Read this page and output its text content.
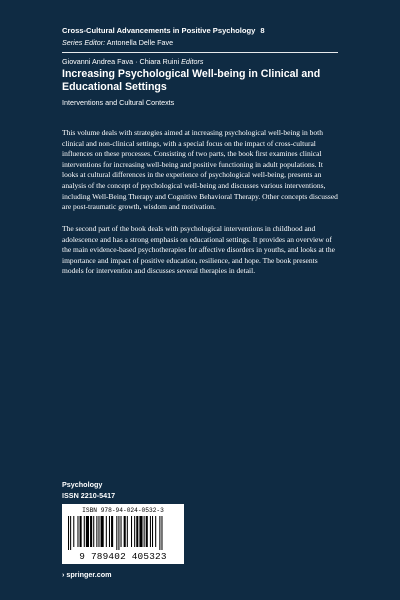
Cross-Cultural Advancements in Positive Psychology 8
Series Editor: Antonella Delle Fave
Giovanni Andrea Fava · Chiara Ruini Editors
Increasing Psychological Well-being in Clinical and Educational Settings
Interventions and Cultural Contexts

This volume deals with strategies aimed at increasing psychological well-being in both clinical and non-clinical settings, with a special focus on the impact of cross-cultural influences on these processes. Consisting of two parts, the book first examines clinical interventions for increasing well-being and positive functioning in adult populations. It looks at cultural differences in the experience of psychological well-being, presents an analysis of the concept of psychological well-being and discusses various interventions, including Well-Being Therapy and Cognitive Behavioral Therapy. Other concepts discussed are post-traumatic growth, wisdom and motivation.

The second part of the book deals with psychological interventions in childhood and adolescence and has a strong emphasis on educational settings. It provides an overview of the main evidence-based psychotherapies for affective disorders in youths, and looks at the importance and impact of positive education, resilience, and hope. The book presents models for intervention and discusses several therapies in detail.

Psychology
ISSN 2210-5417
ISBN 978-94-024-0532-3
9 789402 405323
› springer.com
